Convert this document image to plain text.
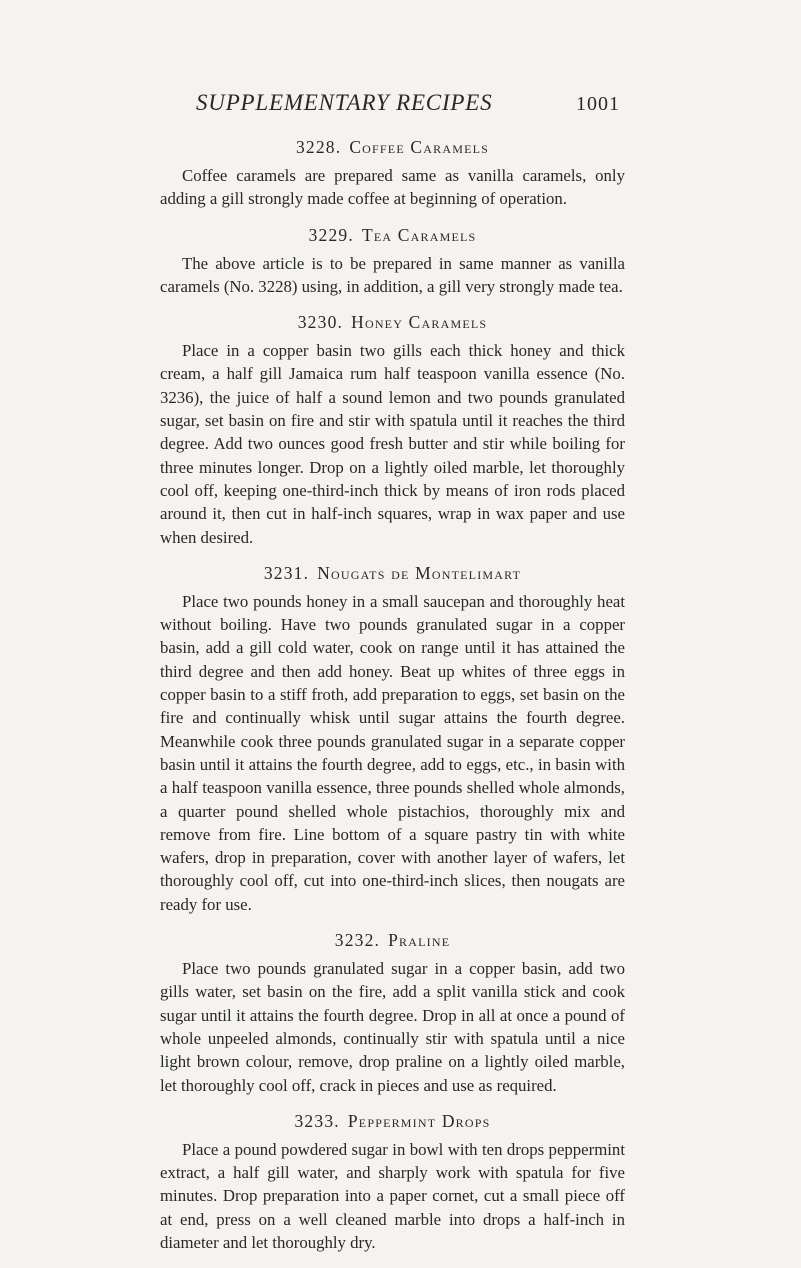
SUPPLEMENTARY RECIPES	1001
3228. Coffee Caramels

Coffee caramels are prepared same as vanilla caramels, only adding a gill strongly made coffee at beginning of operation.

3229. Tea Caramels

The above article is to be prepared in same manner as vanilla caramels (No. 3228) using, in addition, a gill very strongly made tea.

3230. Honey Caramels

Place in a copper basin two gills each thick honey and thick cream, a half gill Jamaica rum half teaspoon vanilla essence (No. 3236), the juice of half a sound lemon and two pounds granulated sugar, set basin on fire and stir with spatula until it reaches the third degree. Add two ounces good fresh butter and stir while boiling for three minutes longer. Drop on a lightly oiled marble, let thoroughly cool off, keeping one-third-inch thick by means of iron rods placed around it, then cut in half-inch squares, wrap in wax paper and use when desired.

3231. Nougats de Montelimart

Place two pounds honey in a small saucepan and thoroughly heat without boiling. Have two pounds granulated sugar in a copper basin, add a gill cold water, cook on range until it has attained the third degree and then add honey. Beat up whites of three eggs in copper basin to a stiff froth, add preparation to eggs, set basin on the fire and continually whisk until sugar attains the fourth degree. Meanwhile cook three pounds granulated sugar in a separate copper basin until it attains the fourth degree, add to eggs, etc., in basin with a half teaspoon vanilla essence, three pounds shelled whole almonds, a quarter pound shelled whole pistachios, thoroughly mix and remove from fire. Line bottom of a square pastry tin with white wafers, drop in preparation, cover with another layer of wafers, let thoroughly cool off, cut into one-third-inch slices, then nougats are ready for use.

3232. Praline

Place two pounds granulated sugar in a copper basin, add two gills water, set basin on the fire, add a split vanilla stick and cook sugar until it attains the fourth degree. Drop in all at once a pound of whole unpeeled almonds, continually stir with spatula until a nice light brown colour, remove, drop praline on a lightly oiled marble, let thoroughly cool off, crack in pieces and use as required.

3233. Peppermint Drops

Place a pound powdered sugar in bowl with ten drops peppermint extract, a half gill water, and sharply work with spatula for five minutes. Drop preparation into a paper cornet, cut a small piece off at end, press on a well cleaned marble into drops a half-inch in diameter and let thoroughly dry.
